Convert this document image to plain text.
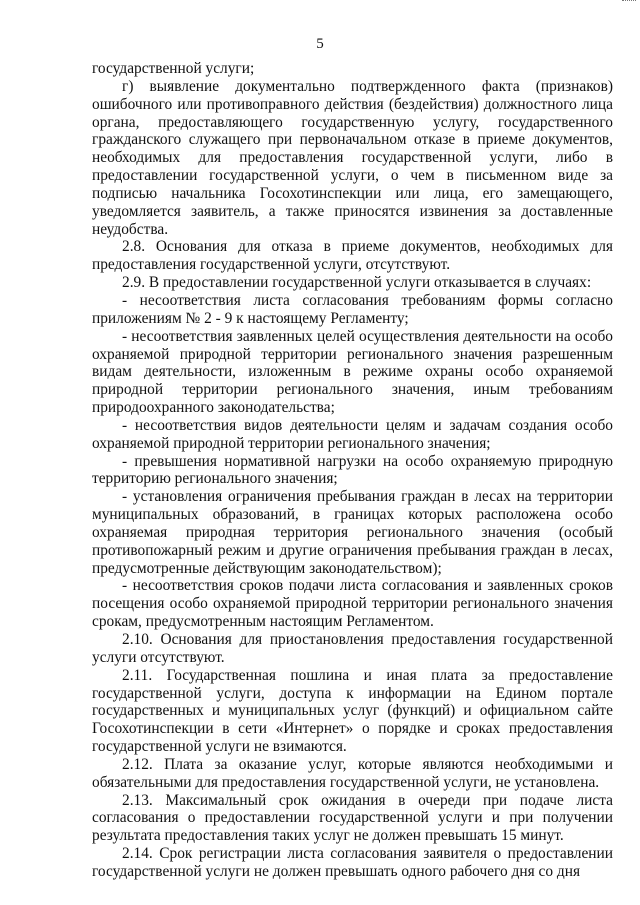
5

государственной услуги;

г) выявление документально подтвержденного факта (признаков) ошибочного или противоправного действия (бездействия) должностного лица органа, предоставляющего государственную услугу, государственного гражданского служащего при первоначальном отказе в приеме документов, необходимых для предоставления государственной услуги, либо в предоставлении государственной услуги, о чем в письменном виде за подписью начальника Госохотинспекции или лица, его замещающего, уведомляется заявитель, а также приносятся извинения за доставленные неудобства.

2.8. Основания для отказа в приеме документов, необходимых для предоставления государственной услуги, отсутствуют.

2.9. В предоставлении государственной услуги отказывается в случаях:

- несоответствия листа согласования требованиям формы согласно приложениям № 2 - 9 к настоящему Регламенту;

- несоответствия заявленных целей осуществления деятельности на особо охраняемой природной территории регионального значения разрешенным видам деятельности, изложенным в режиме охраны особо охраняемой природной территории регионального значения, иным требованиям природоохранного законодательства;

- несоответствия видов деятельности целям и задачам создания особо охраняемой природной территории регионального значения;

- превышения нормативной нагрузки на особо охраняемую природную территорию регионального значения;

- установления ограничения пребывания граждан в лесах на территории муниципальных образований, в границах которых расположена особо охраняемая природная территория регионального значения (особый противопожарный режим и другие ограничения пребывания граждан в лесах, предусмотренные действующим законодательством);

- несоответствия сроков подачи листа согласования и заявленных сроков посещения особо охраняемой природной территории регионального значения срокам, предусмотренным настоящим Регламентом.

2.10. Основания для приостановления предоставления государственной услуги отсутствуют.

2.11. Государственная пошлина и иная плата за предоставление государственной услуги, доступа к информации на Едином портале государственных и муниципальных услуг (функций) и официальном сайте Госохотинспекции в сети «Интернет» о порядке и сроках предоставления государственной услуги не взимаются.

2.12. Плата за оказание услуг, которые являются необходимыми и обязательными для предоставления государственной услуги, не установлена.

2.13. Максимальный срок ожидания в очереди при подаче листа согласования о предоставлении государственной услуги и при получении результата предоставления таких услуг не должен превышать 15 минут.

2.14. Срок регистрации листа согласования заявителя о предоставлении государственной услуги не должен превышать одного рабочего дня со дня
